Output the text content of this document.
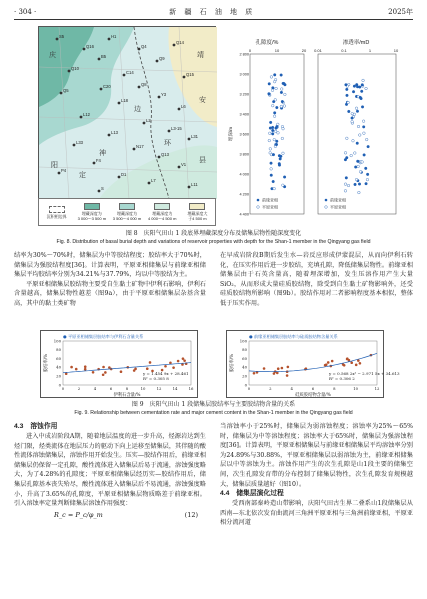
· 304 ·	新 疆 石 油 地 质	2025年
S5	H1
Q16	Q4
Q14
B5	Q9
Q10
C14	Q15
Q8
C20
Y3
Q5
L18
L6
L12
L2
L3-15
L13
L31
L33
N17
Q13
F4
V1
P4
D1
L7
L11
S
庆
阳
神
定
边
环
县
靖
安
沉积相边界	埋藏深度为
3 000～3 500 m
埋藏深度为
3 500～4 000 m
埋藏深度为
4 000～4 500 m
埋藏深度大
于4 500 m
孔隙度/%
0	10	20
2 800
3 000
3 200
3 400
3 600
3 800
4 000
4 200
4 400
埋深/m
前缘亚相
平原亚相
渗透率/mD
0.01	0.1	1	10
前缘亚相
平原亚相
图 8　庆阳气田山 1 段底界埋藏深度分布及储集层物性随深度变化
Fig. 8. Distribution of basal burial depth and variations of reservoir properties with depth for the Shan-1 member in the Qingyang gas field

结率为30%～70%时，储集层为中等胶结程度；胶结率大于70%时，储集层为强胶结程度[36]。计算表明，平原亚相储集层与前缘亚相储集层平均胶结率分别为34.21%与37.79%，均以中等胶结为主。

平原亚相储集层胶结物主要受自生黏土矿物中伊利石影响，伊利石含量越高，储集层物性越差（图9a），由于平原亚相储集层杂基含量高，其中的黏土类矿物

在早成岩阶段B期后发生水—岩反应形成伊蒙混层，从而向伊利石转化，在压实作用后进一步胶结，充填孔隙，降低储集层物性。前缘亚相储集层由于石英含量高，随着埋深增加，发生压溶作用产生大量SiO₂，从而形成大量硅质胶结物，除受到自生黏土矿物影响外，还受硅质胶结物所影响（图9b）。胶结作用对二者影响程度基本相似，整体低于压实作用。

● 平原亚相储集层胶结率与伊利石含量关系
0	2	4	6	8	10	12	14	16
0
20
40
60
80
100
伊利石含量/%
胶结率/%
y = 1.454 9x + 28.461
R² = 0.305 8
● 前缘亚相储集层胶结率与硅质胶结物含量关系
0	2	4	6	8	10	12
0
20
40
60
80
100
硅质胶结物含量/%
胶结率/%
y = 0.568 2x² − 2.971 5x + 34.613
R² = 0.306 2
图 9　庆阳气田山 1 段储集层胶结率与主要胶结物含量的关系
Fig. 9. Relationship between cementation rate and major cement content in the Shan-1 member in the Qingyang gas field
4.3　溶蚀作用

进入中成岩阶段A期，随着地层温度的进一步升高，烃源岩达到生烃门限，烃类流体在地层压力的驱动下向上运移至储集层，其伴随的酸性流体溶蚀储集层，溶蚀作用开始发生。压实—胶结作用后，前缘亚相储集层仍保留一定孔隙，酸性流体进入储集层后易于流通，溶蚀强度略大，为了4.28%的孔隙度；平原亚相储集层经历实—胶结作用后，储集层孔隙基本丧失殆尽，酸性流体进入储集层后不易流通，溶蚀强度略小，升高了3.65%的孔隙度，平原亚相储集层物质略差于前缘亚相。引入溶蚀率定量判断储集层溶蚀作用强度：

R_c = P_c/φ_m	(12)

当溶蚀率小于25%时，储集层为弱溶蚀程度；溶蚀率为25%～65%时，储集层为中等溶蚀程度；溶蚀率大于65%时，储集层为强溶蚀程度[36]。计算表明，平原亚相储集层与前缘亚相储集层平均溶蚀率分别为24.89%与30.88%，平原亚相储集层以弱溶蚀为主，前缘亚相储集层以中等溶蚀为主。溶蚀作用产生的次生孔隙是山1段主要的储集空间，次生孔隙发育带的分布控制了储集层物性，次生孔隙发育规模越大，储集层质量越好（图10）。

4.4　储集层演化过程

受西南部秦岭造山带影响，庆阳气田古生界二叠系山1段储集层从西南—东北依次发育曲流河三角洲平原亚相与三角洲前缘亚相，平原亚相分流河道
